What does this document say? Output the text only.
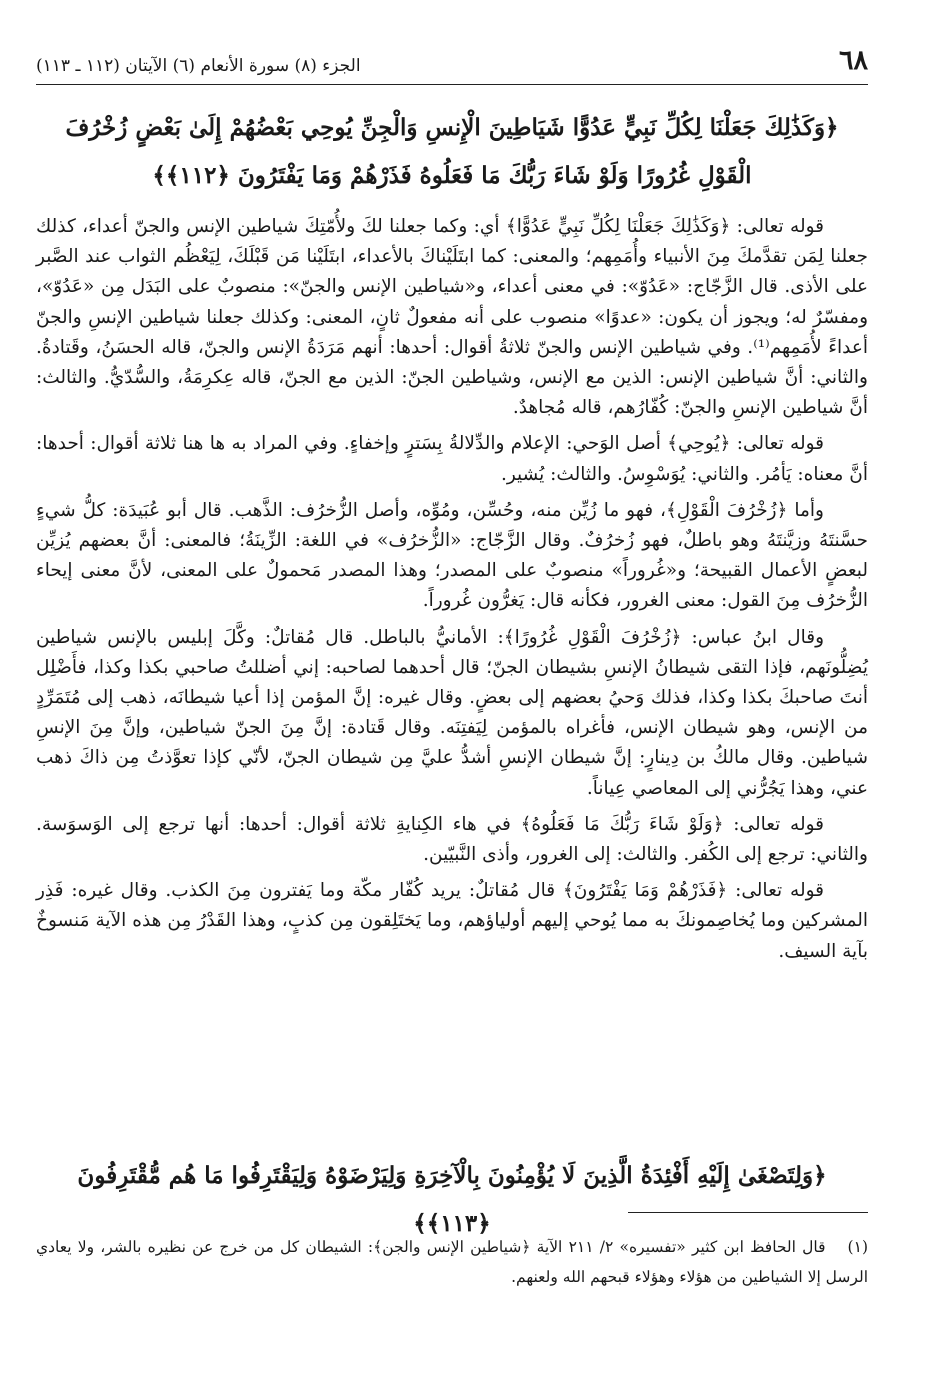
٦٨
الجزء (٨) سورة الأنعام (٦) الآيتان (١١٢ ـ ١١٣)
﴿وَكَذَٰلِكَ جَعَلْنَا لِكُلِّ نَبِيٍّ عَدُوًّا شَيَاطِينَ الْإِنسِ وَالْجِنِّ يُوحِي بَعْضُهُمْ إِلَىٰ بَعْضٍ زُخْرُفَ الْقَوْلِ غُرُورًا وَلَوْ شَاءَ رَبُّكَ مَا فَعَلُوهُ فَذَرْهُمْ وَمَا يَفْتَرُونَ ﴿١١٢﴾﴾

قوله تعالى: ﴿وَكَذَٰلِكَ جَعَلْنَا لِكُلِّ نَبِيٍّ عَدُوًّا﴾ أي: وكما جعلنا لكَ ولأُمّتِكَ شياطين الإنس والجنّ أعداء، كذلك جعلنا لِمَن تقدَّمكَ مِنَ الأنبياء وأُمَمِهم؛ والمعنى: كما ابتَلَيْناكَ بالأعداء، ابتَلَيْنا مَن قَبْلَكَ، لِيَعْظُم الثواب عند الصَّبر على الأذى. قال الزَّجّاج: «عَدُوّ»: في معنى أعداء، و«شياطين الإنس والجنّ»: منصوبٌ على البَدَل مِن «عَدُوّ»، ومفسّرٌ له؛ ويجوز أن يكون: «عدوًا» منصوب على أنه مفعولٌ ثانٍ، المعنى: وكذلك جعلنا شياطين الإنسِ والجنّ أعداءً لأُمَمِهم⁽¹⁾. وفي شياطين الإنس والجنّ ثلاثةُ أقوال: أحدها: أنهم مَرَدَةُ الإنس والجنّ، قاله الحسَنُ، وقَتادةُ. والثاني: أنَّ شياطين الإنس: الذين مع الإنس، وشياطين الجنّ: الذين مع الجنّ، قاله عِكرِمَةُ، والسُّدّيُّ. والثالث: أنَّ شياطين الإنسِ والجنّ: كُفّارُهم، قاله مُجاهدٌ.

قوله تعالى: ﴿يُوحِي﴾ أصل الوَحي: الإعلام والدِّلالةُ بِسَترٍ وإخفاءٍ. وفي المراد به ها هنا ثلاثة أقوال: أحدها: أنَّ معناه: يَأمُر. والثاني: يُوَسْوِسُ. والثالث: يُشير.

وأما ﴿زُخْرُفَ الْقَوْلِ﴾، فهو ما زُيِّن منه، وحُسِّن، ومُوِّه، وأصل الزُّخرُف: الذَّهب. قال أبو عُبَيدَة: كلُّ شيءٍ حسَّنتَهُ وزيَّنتَهُ وهو باطلٌ، فهو زُخرُفٌ. وقال الزَّجّاج: «الزُّخرُف» في اللغة: الزِّينَةُ؛ فالمعنى: أنَّ بعضهم يُزيِّن لبعضٍ الأعمال القبيحة؛ و«غُروراً» منصوبٌ على المصدر؛ وهذا المصدر مَحمولٌ على المعنى، لأنَّ معنى إيحاء الزُّخرُف مِنَ القول: معنى الغرور، فكأنه قال: يَغرُّون غُروراً.

وقال ابنُ عباس: ﴿زُخْرُفَ الْقَوْلِ غُرُورًا﴾: الأمانيُّ بالباطل. قال مُقاتلٌ: وكَّلَ إبليس بالإنس شياطين يُضِلُّونَهم، فإذا التقى شيطانُ الإنسِ بشيطان الجنّ؛ قال أحدهما لصاحبه: إني أضللتُ صاحبي بكذا وكذا، فأَضْلِل أنتَ صاحبكَ بكذا وكذا، فذلك وَحيُ بعضهم إلى بعضٍ. وقال غيره: إنَّ المؤمن إذا أعيا شيطانَه، ذهب إلى مُتَمَرِّدٍ من الإنس، وهو شيطان الإنس، فأغراه بالمؤمن لِيَفتِنَه. وقال قَتادة: إنَّ مِنَ الجنّ شياطين، وإنَّ مِنَ الإنسِ شياطين. وقال مالكُ بن دِينارٍ: إنَّ شيطان الإنسِ أشدُّ عليَّ مِن شيطان الجنّ، لأنّي كإذا تعوَّذتُ مِن ذاكَ ذهب عني، وهذا يَجُرُّني إلى المعاصي عِياناً.

قوله تعالى: ﴿وَلَوْ شَاءَ رَبُّكَ مَا فَعَلُوهُ﴾ في هاء الكِنايةِ ثلاثة أقوال: أحدها: أنها ترجع إلى الوَسوَسة. والثاني: ترجع إلى الكُفر. والثالث: إلى الغرور، وأذى النَّبيّين.

قوله تعالى: ﴿فَذَرْهُمْ وَمَا يَفْتَرُونَ﴾ قال مُقاتلٌ: يريد كُفّار مكّة وما يَفترون مِنَ الكذب. وقال غيره: فَذِر المشركين وما يُخاصِمونكَ به مما يُوحي إليهم أولياؤهم، وما يَختَلِقون مِن كذبٍ، وهذا القَدْرُ مِن هذه الآية مَنسوخٌ بآية السيف.

﴿وَلِتَصْغَىٰ إِلَيْهِ أَفْئِدَةُ الَّذِينَ لَا يُؤْمِنُونَ بِالْآخِرَةِ وَلِيَرْضَوْهُ وَلِيَقْتَرِفُوا مَا هُم مُّقْتَرِفُونَ ﴿١١٣﴾﴾
(١)قال الحافظ ابن كثير «تفسيره» ٢/ ٢١١ الآية ﴿شياطين الإنس والجن﴾: الشيطان كل من خرج عن نظيره بالشر، ولا يعادي الرسل إلا الشياطين من هؤلاء وهؤلاء قبحهم الله ولعنهم.
